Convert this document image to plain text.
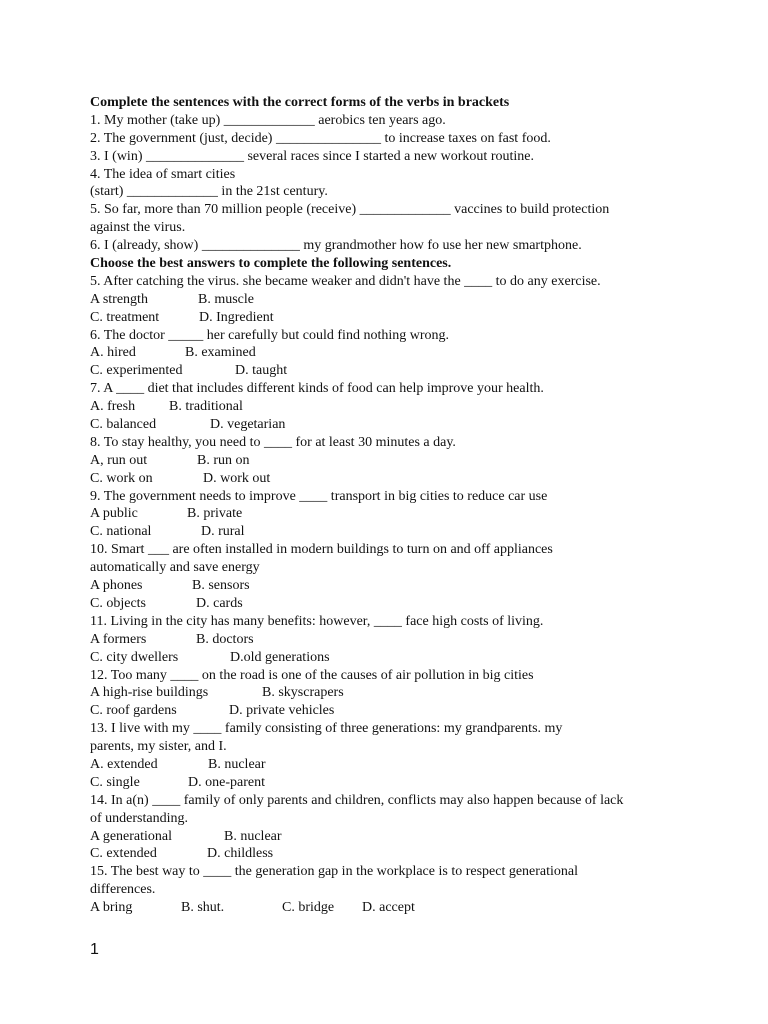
Complete the sentences with the correct forms of the verbs in brackets
1. My mother (take up) _____________ aerobics ten years ago.
2. The government (just, decide) _______________ to increase taxes on fast food.
3. I (win) ______________ several races since I started a new workout routine.
4. The idea of smart cities
(start) _____________ in the 21st century.
5. So far, more than 70 million people (receive) _____________ vaccines to build protection
against the virus.
6. I (already, show) ______________ my grandmother how fo use her new smartphone.
Choose the best answers to complete the following sentences.
5. After catching the virus. she became weaker and didn't have the ____ to do any exercise.
A strength	B. muscle
C. treatment	D. Ingredient
6. The doctor _____ her carefully but could find nothing wrong.
A. hired	B. examined
C. experimented	D. taught
7. A ____ diet that includes different kinds of food can help improve your health.
A. fresh B. traditional
C. balanced	D. vegetarian
8. To stay healthy, you need to ____ for at least 30 minutes a day.
A, run out	B. run on
C. work on	D. work out
9. The government needs to improve ____ transport in big cities to reduce car use
A public	B. private
C. national	D. rural
10. Smart ___ are often installed in modern buildings to turn on and off appliances
automatically and save energy
A phones	B. sensors
C. objects	D. cards
11. Living in the city has many benefits: however, ____ face high costs of living.
A formers	B. doctors
C. city dwellers	D.old generations
12. Too many ____ on the road is one of the causes of air pollution in big cities
A high-rise buildings	B. skyscrapers
C. roof gardens	D. private vehicles
13. I live with my ____ family consisting of three generations: my grandparents. my
parents, my sister, and I.
A. extended	B. nuclear
C. single	D. one-parent
14. In a(n) ____ family of only parents and children, conflicts may also happen because of lack
of understanding.
A generational	B. nuclear
C. extended	D. childless
15. The best way to ____ the generation gap in the workplace is to respect generational
differences.
A bring	B. shut.	C. bridge D. accept
1
